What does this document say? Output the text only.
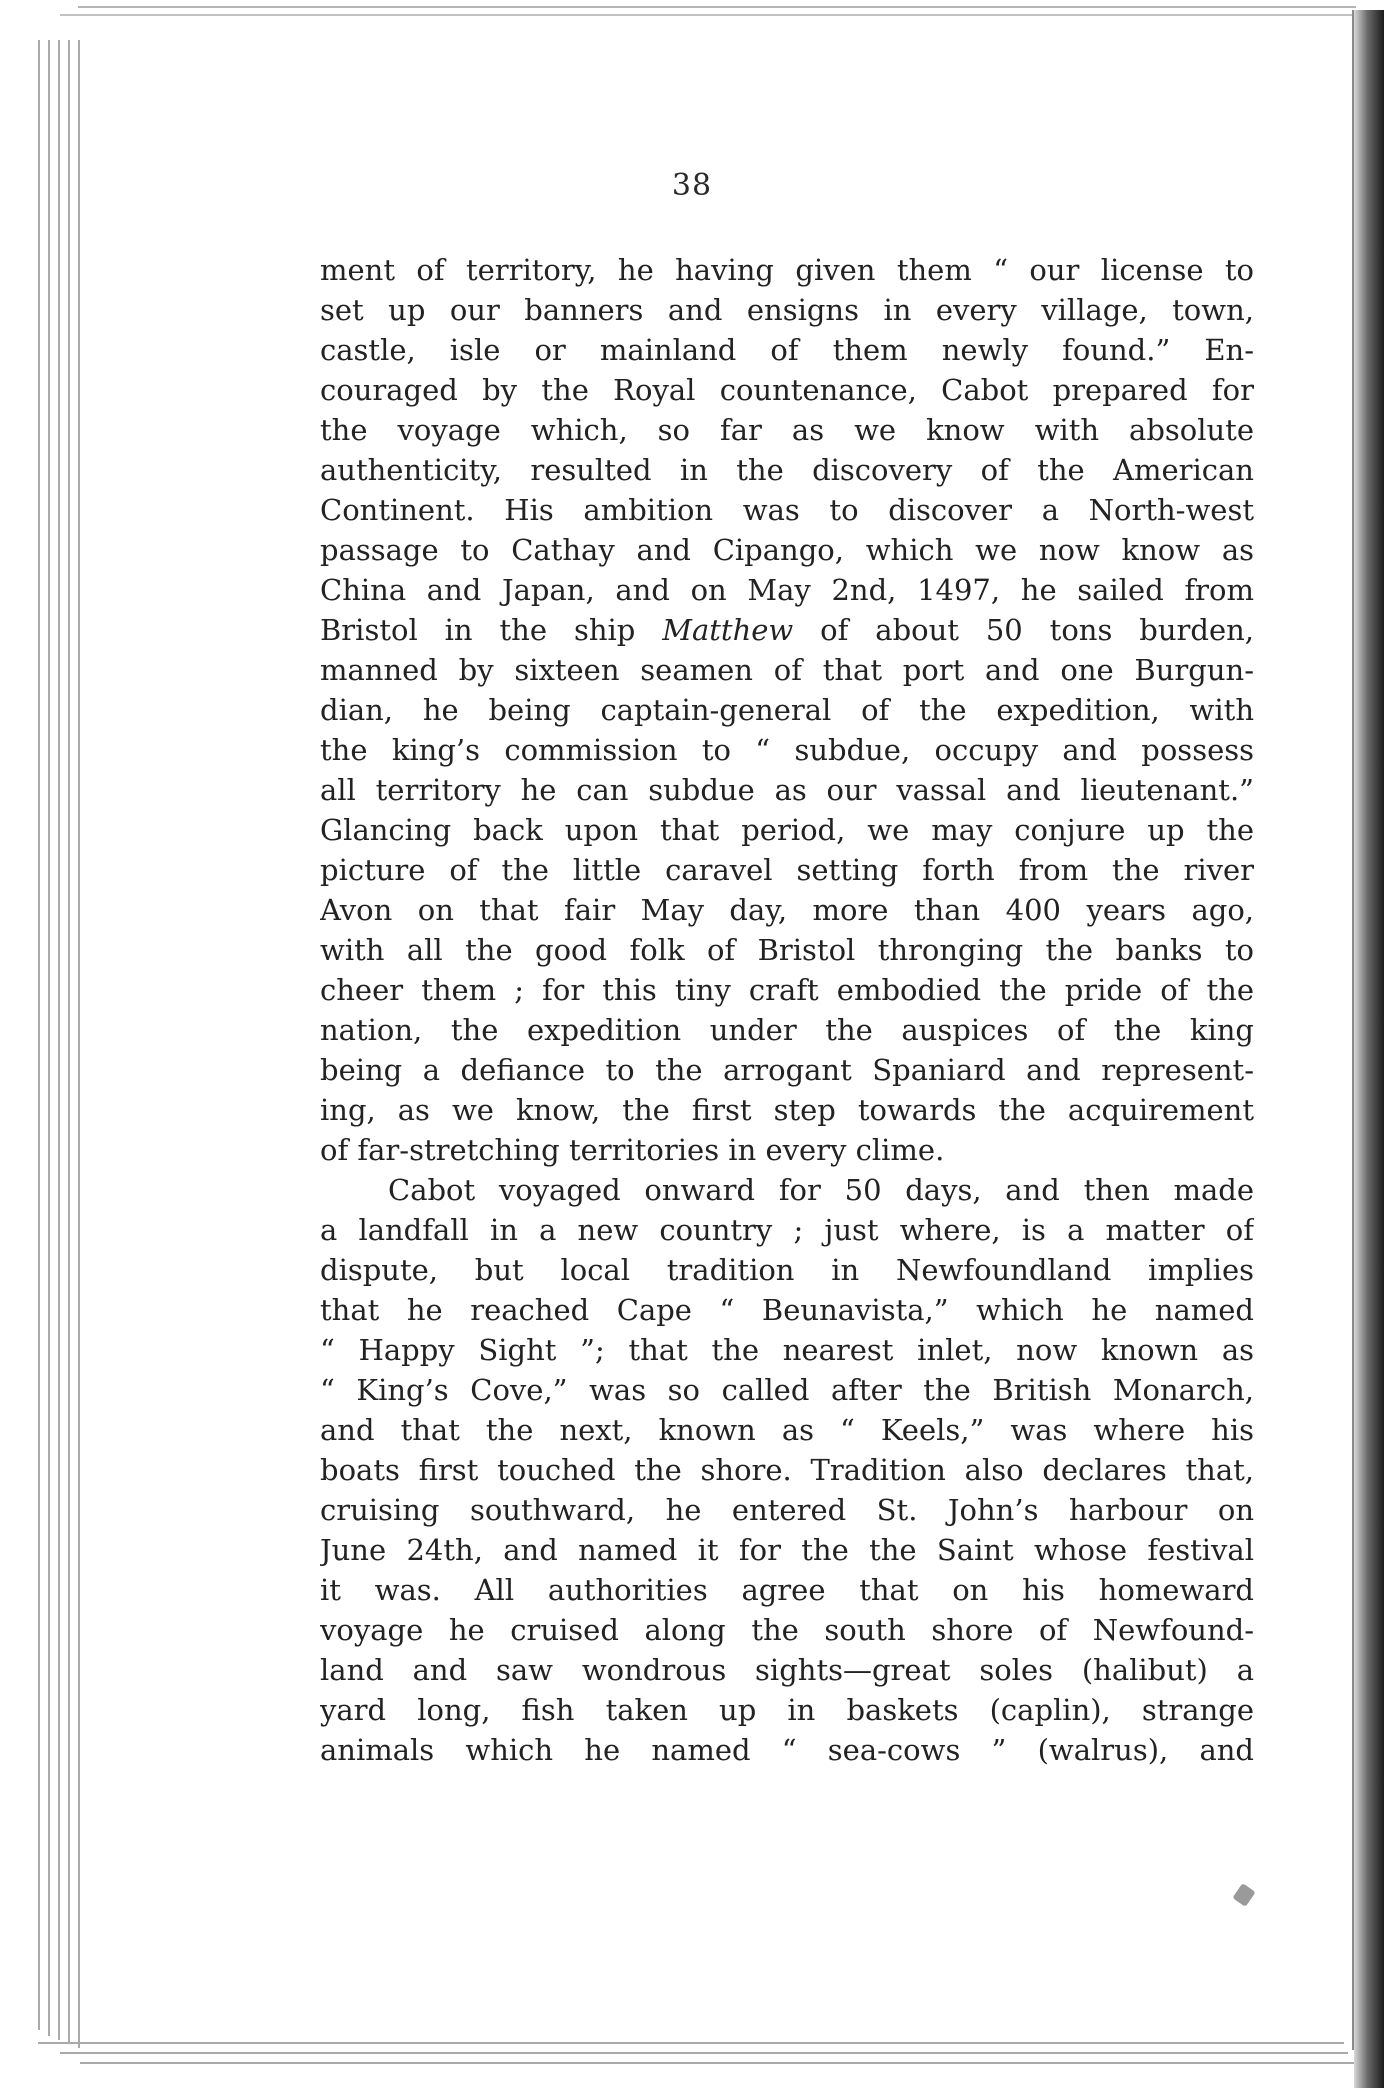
38
ment of territory, he having given them “ our license to
set up our banners and ensigns in every village, town,
castle, isle or mainland of them newly found.” En-
couraged by the Royal countenance, Cabot prepared for
the voyage which, so far as we know with absolute
authenticity, resulted in the discovery of the American
Continent. His ambition was to discover a North-west
passage to Cathay and Cipango, which we now know as
China and Japan, and on May 2nd, 1497, he sailed from
Bristol in the ship Matthew of about 50 tons burden,
manned by sixteen seamen of that port and one Burgun-
dian, he being captain-general of the expedition, with
the king’s commission to “ subdue, occupy and possess
all territory he can subdue as our vassal and lieutenant.”
Glancing back upon that period, we may conjure up the
picture of the little caravel setting forth from the river
Avon on that fair May day, more than 400 years ago,
with all the good folk of Bristol thronging the banks to
cheer them ; for this tiny craft embodied the pride of the
nation, the expedition under the auspices of the king
being a defiance to the arrogant Spaniard and represent-
ing, as we know, the first step towards the acquirement
of far-stretching territories in every clime.
Cabot voyaged onward for 50 days, and then made
a landfall in a new country ; just where, is a matter of
dispute, but local tradition in Newfoundland implies
that he reached Cape “ Beunavista,” which he named
“ Happy Sight ”; that the nearest inlet, now known as
“ King’s Cove,” was so called after the British Monarch,
and that the next, known as “ Keels,” was where his
boats first touched the shore. Tradition also declares that,
cruising southward, he entered St. John’s harbour on
June 24th, and named it for the the Saint whose festival
it was. All authorities agree that on his homeward
voyage he cruised along the south shore of Newfound-
land and saw wondrous sights—great soles (halibut) a
yard long, fish taken up in baskets (caplin), strange
animals which he named “ sea-cows ” (walrus), and
